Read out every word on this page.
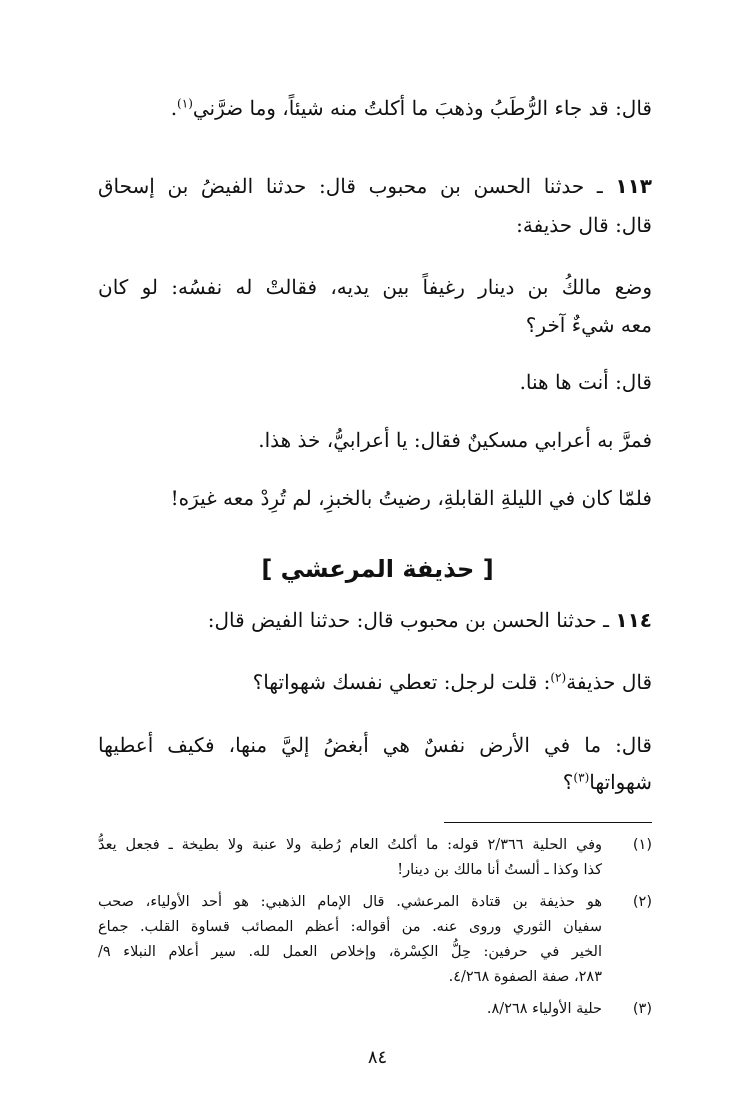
قال: قد جاء الرُّطَبُ وذهبَ ما أكلتُ منه شيئاً، وما ضرَّني$^{(١)}$.
١١٣ ـ حدثنا الحسن بن محبوب قال: حدثنا الفيضُ بن إسحاق
قال: قال حذيفة:
وضع مالكُ بن دينار رغيفاً بين يديه، فقالتْ له نفسُه: لو كان
معه شيءٌ آخر؟
قال: أنت ها هنا.
فمرَّ به أعرابي مسكينٌ فقال: يا أعرابيُّ، خذ هذا.
فلمّا كان في الليلةِ القابلةِ، رضيتُ بالخبزِ، لم تُرِدْ معه غيرَه!
[ حذيفة المرعشي ]
١١٤ ـ حدثنا الحسن بن محبوب قال: حدثنا الفيض قال:
قال حذيفة$^{(٢)}$: قلت لرجل: تعطي نفسك شهواتها؟
قال: ما في الأرض نفسٌ هي أبغضُ إليَّ منها، فكيف أعطيها
شهواتها$^{(٣)}$؟
(١)
وفي الحلية ٢/٣٦٦ قوله: ما أكلتُ العام رُطبة ولا عنبة ولا بطيخة ـ فجعل يعدُّ
كذا وكذا ـ ألستُ أنا مالك بن دينار!
(٢)
هو حذيفة بن قتادة المرعشي. قال الإمام الذهبي: هو أحد الأولياء، صحب
سفيان الثوري وروى عنه. من أقواله: أعظم المصائب قساوة القلب. جماع
الخير في حرفين: حِلُّ الكِسْرة، وإخلاص العمل لله. سير أعلام النبلاء ٩/
٢٨٣، صفة الصفوة ٤/٢٦٨.
(٣)
حلية الأولياء ٨/٢٦٨.
٨٤
